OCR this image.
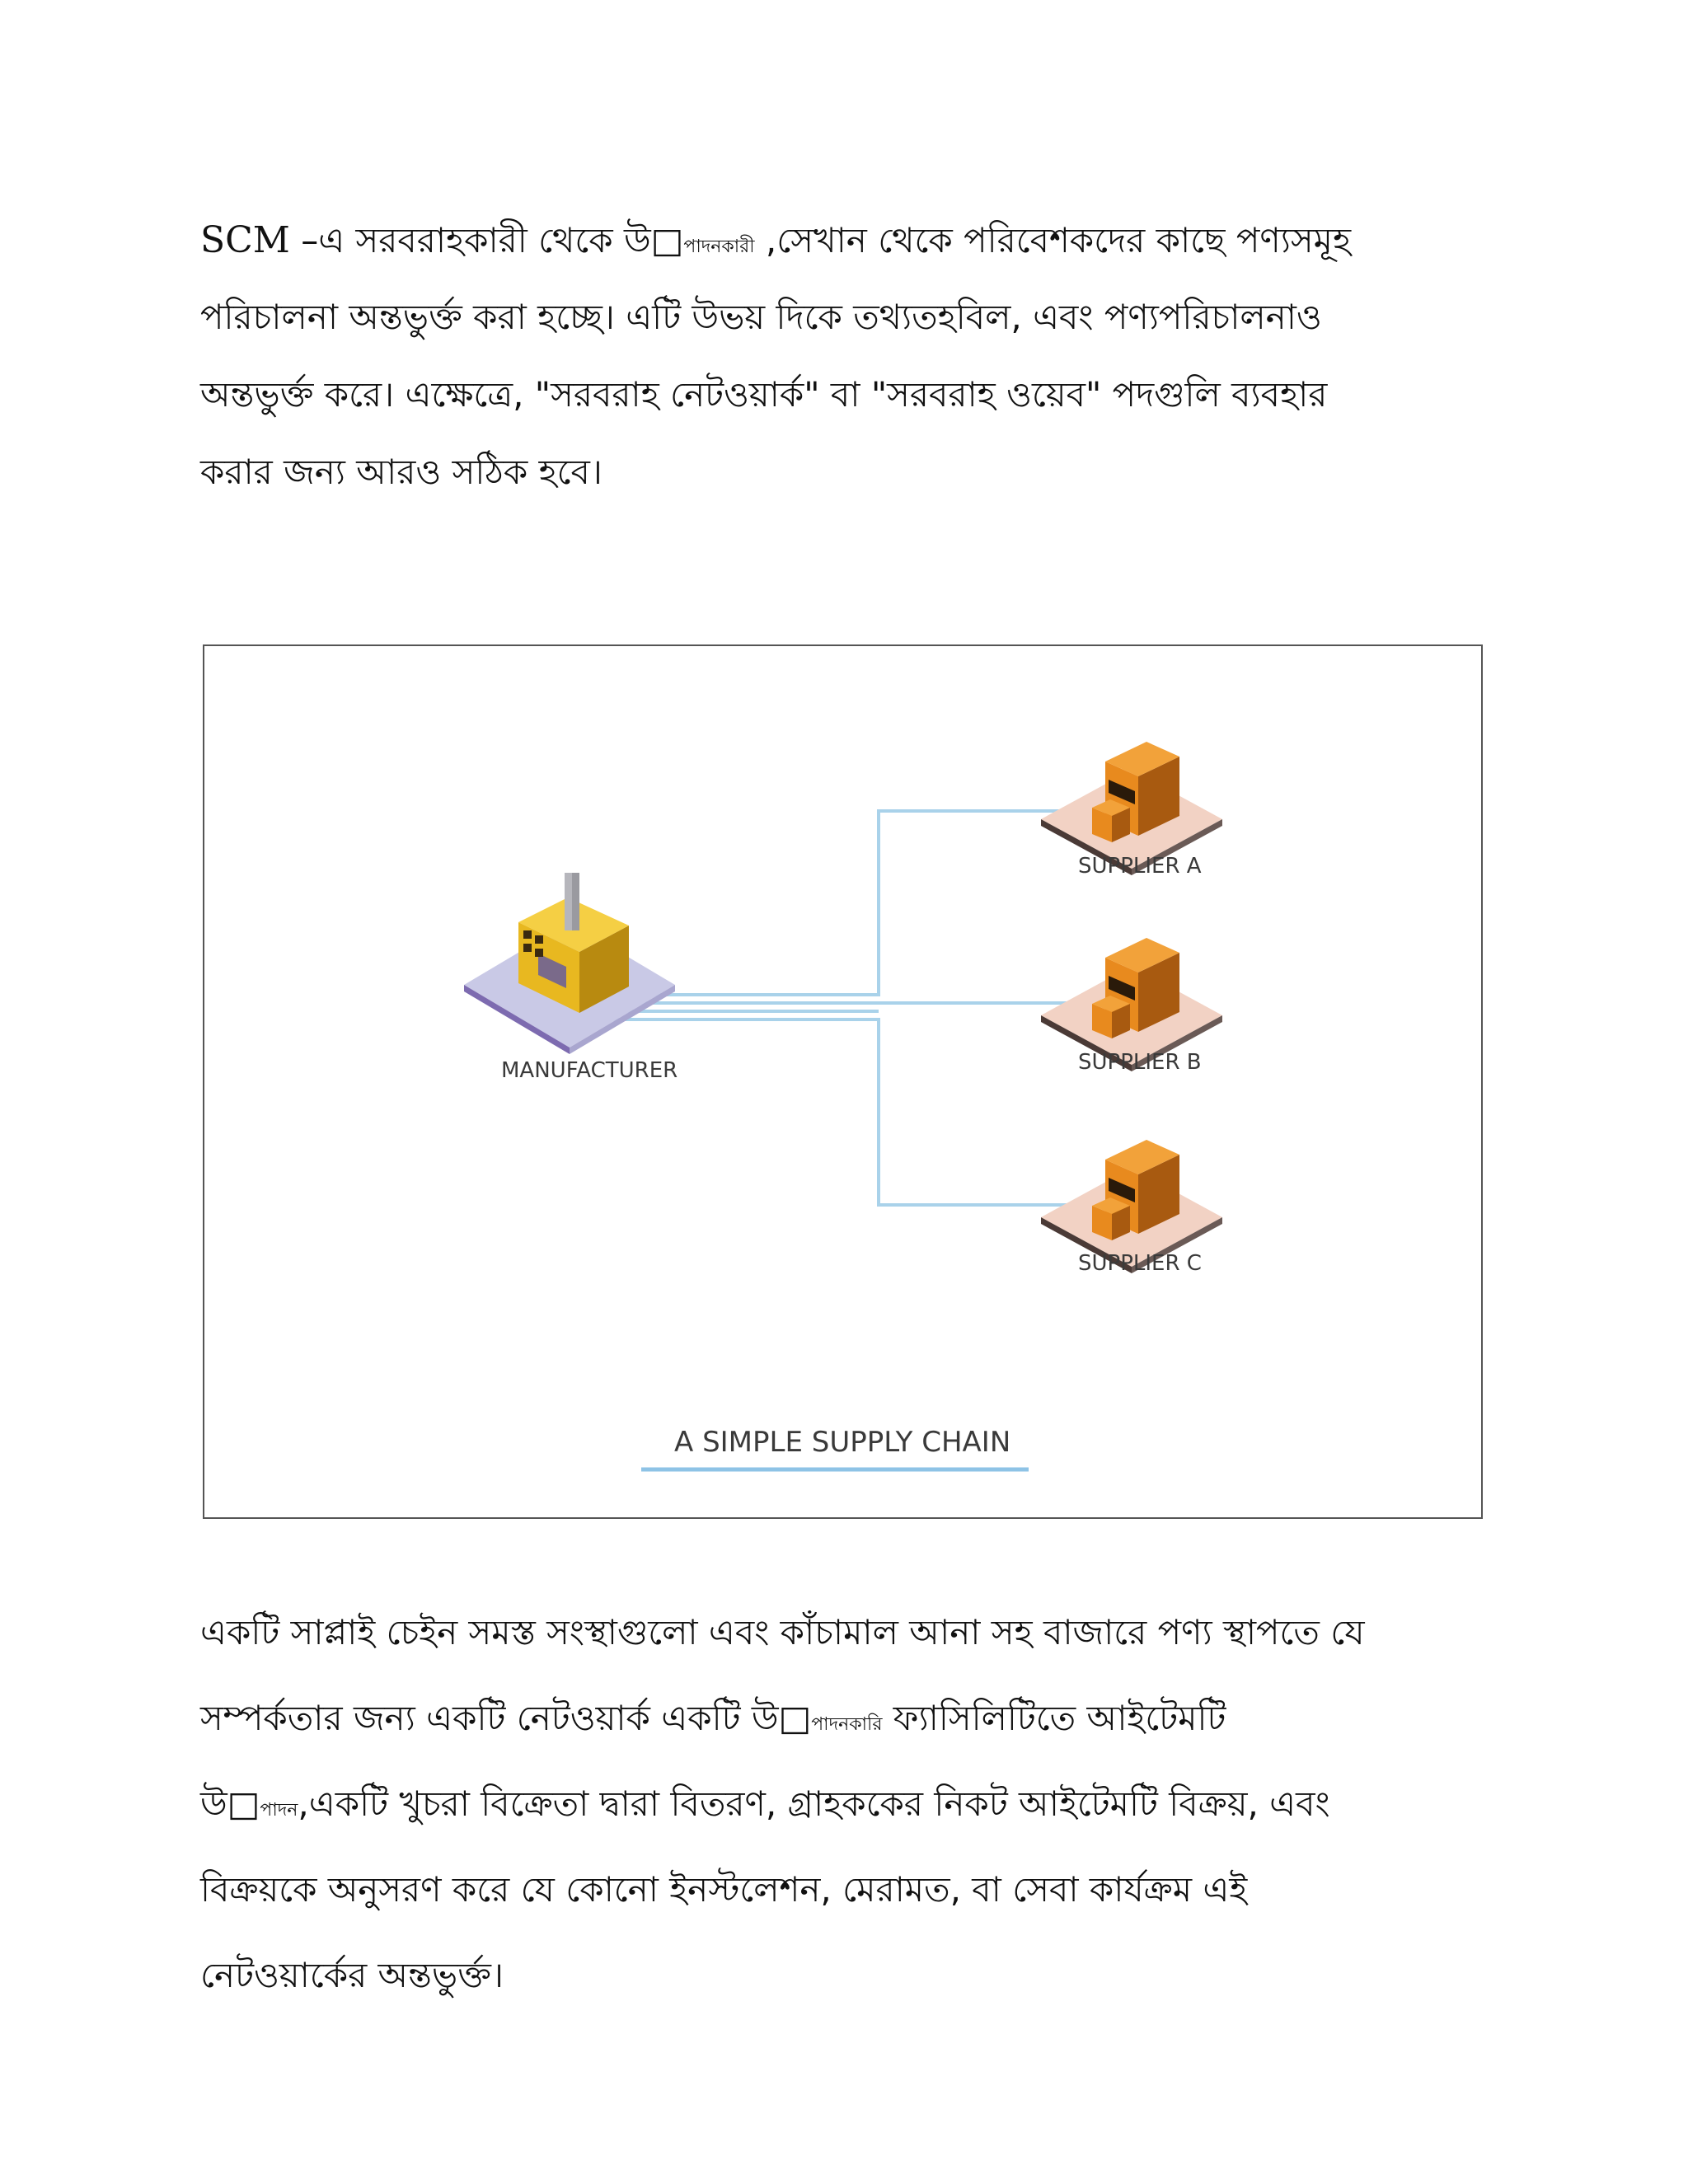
SCM –এ সরবরাহকারী থেকে উ□পাদনকারী ,সেখান থেকে পরিবেশকদের কাছে পণ্যসমূহ
পরিচালনা অন্তভুর্ক্ত করা হচ্ছে। এটি উভয় দিকে তথ্যতহবিল, এবং পণ্যপরিচালনাও
অন্তভুর্ক্ত করে। এক্ষেত্রে, "সরবরাহ নেটওয়ার্ক" বা "সরবরাহ ওয়েব" পদগুলি ব্যবহার
করার জন্য আরও সঠিক হবে।
MANUFACTURER
SUPPLIER A
SUPPLIER B
SUPPLIER C
A SIMPLE SUPPLY CHAIN
একটি সাপ্লাই চেইন সমস্ত সংস্থাগুলো এবং কাঁচামাল আনা সহ বাজারে পণ্য স্থাপতে যে
সম্পর্কতার জন্য একটি নেটওয়ার্ক একটি উ□পাদনকারি ফ্যাসিলিটিতে আইটেমটি
উ□পাদন,একটি খুচরা বিক্রেতা দ্বারা বিতরণ, গ্রাহককের নিকট আইটেমটি বিক্রয়, এবং
বিক্রয়কে অনুসরণ করে যে কোনো ইনস্টলেশন, মেরামত, বা সেবা কার্যক্রম এই
নেটওয়ার্কের অন্তভুর্ক্ত।
